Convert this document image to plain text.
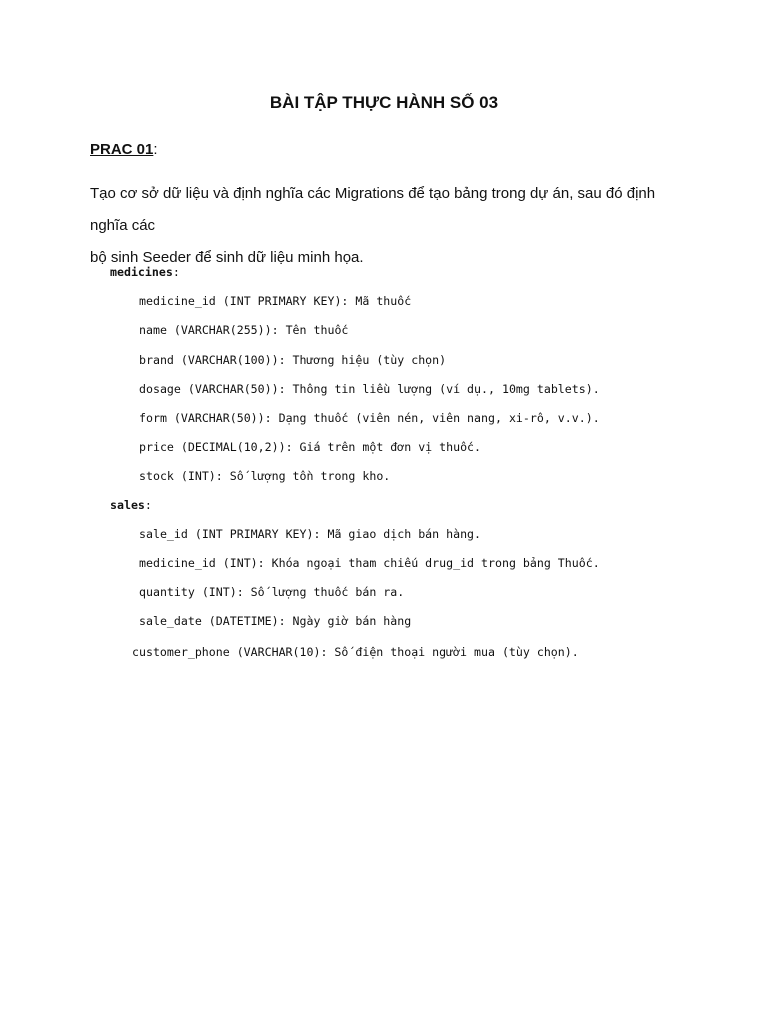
BÀI TẬP THỰC HÀNH SỐ 03
PRAC 01:

Tạo cơ sở dữ liệu và định nghĩa các Migrations để tạo bảng trong dự án, sau đó định nghĩa các
bộ sinh Seeder để sinh dữ liệu minh họa.

medicines:
medicine_id (INT PRIMARY KEY): Mã thuốc
name (VARCHAR(255)): Tên thuốc
brand (VARCHAR(100)): Thương hiệu (tùy chọn)
dosage (VARCHAR(50)): Thông tin liều lượng (ví dụ., 10mg tablets).
form (VARCHAR(50)): Dạng thuốc (viên nén, viên nang, xi-rô, v.v.).
price (DECIMAL(10,2)): Giá trên một đơn vị thuốc.
stock (INT): Số lượng tồn trong kho.
sales:
sale_id (INT PRIMARY KEY): Mã giao dịch bán hàng.
medicine_id (INT): Khóa ngoại tham chiếu drug_id trong bảng Thuốc.
quantity (INT): Số lượng thuốc bán ra.
sale_date (DATETIME): Ngày giờ bán hàng
customer_phone (VARCHAR(10): Số điện thoại người mua (tùy chọn).
